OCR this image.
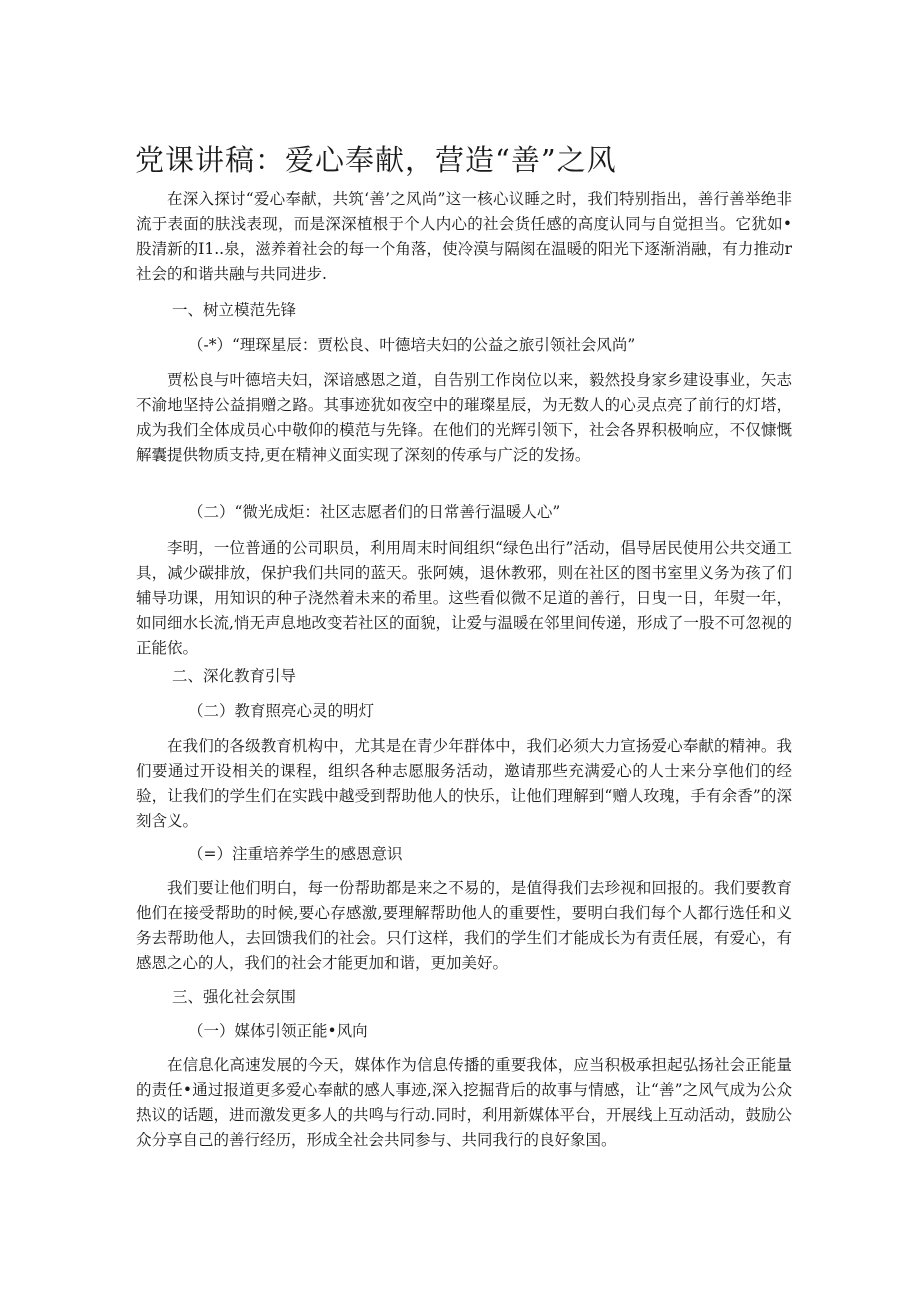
党课讲稿：爱心奉献，营造“善”之风

在深入探讨“爱心奉献，共筑‘善’之风尚”这一核心议睡之时，我们特别指出，善行善举绝非流于表面的肤浅表现，而是深深植根于个人内心的社会货任感的高度认同与自觉担当。它犹如•股清新的I1..泉，滋养着社会的每一个角落，使冷漠与隔阂在温暖的阳光下逐渐消融，有力推动r社会的和谐共融与共同进步.

一、树立模范先锋

（-*）“理琛星辰：贾松良、叶德培夫妇的公益之旅引领社会风尚”

贾松良与叶德培夫妇，深谙感恩之道，自告别工作岗位以来，毅然投身家乡建设事业，矢志不渝地坚持公益捐赠之路。其事迹犹如夜空中的璀璨星辰，为无数人的心灵点亮了前行的灯塔，成为我们全体成员心中敬仰的模范与先锋。在他们的光辉引领下，社会各界积极响应，不仅慷慨解囊提供物质支持,更在精神义面实现了深刻的传承与广泛的发扬。

（二）“微光成炬：社区志愿者们的日常善行温暖人心”

李明，一位普通的公司职员，利用周末时间组织“绿色出行”活动，倡导居民使用公共交通工具，减少碳排放，保护我们共同的蓝天。张阿姨，退休教邪，则在社区的图书室里义务为孩了们辅导功课，用知识的种子浇然着未来的希里。这些看似微不足道的善行，日曳一日，年熨一年，如同细水长流,悄无声息地改变若社区的面貌，让爱与温暖在邻里间传递，形成了一股不可忽视的正能依。

二、深化教育引导

（二）教育照亮心灵的明灯

在我们的各级教育机构中，尤其是在青少年群体中，我们必须大力宣扬爱心奉献的精神。我们要通过开设相关的课程，组织各种志愿服务活动，邀请那些充满爱心的人士来分享他们的经验，让我们的学生们在实践中越受到帮助他人的快乐，让他们理解到“赠人玫瑰，手有余香”的深刻含义。

（=）注重培养学生的感恩意识

我们要让他们明白，每一份帮助都是来之不易的，是值得我们去珍视和回报的。我们要教育他们在接受帮助的时候,要心存感激,要理解帮助他人的重要性，要明白我们每个人都行选任和义务去帮助他人，去回馈我们的社会。只仃这样，我们的学生们才能成长为有责任展，有爱心，有感恩之心的人，我们的社会才能更加和谐，更加美好。

三、强化社会氛围

（一）媒体引领正能•风向

在信息化高速发展的今天，媒体作为信息传播的重要我体，应当积极承担起弘扬社会正能量的责任•通过报道更多爱心奉献的感人事迹,深入挖掘背后的故事与情感，让“善”之风气成为公众热议的话题，进而激发更多人的共鸣与行动.同时，利用新媒体平台，开展线上互动活动，鼓励公众分享自己的善行经历，形成全社会共同参与、共同我行的良好象国。
